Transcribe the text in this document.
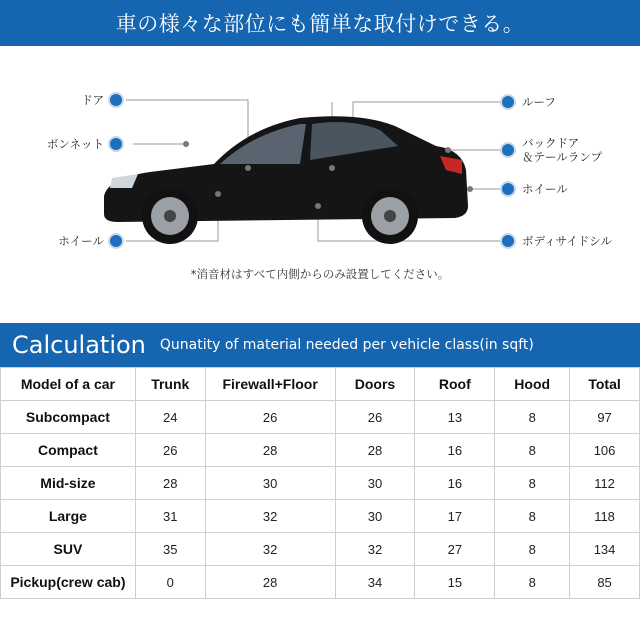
車の様々な部位にも簡単な取付けできる。
ドア
ボンネット
ホイール
ルーフ
バックドア
＆テールランプ
ホイール
ボディサイドシル
*消音材はすべて内側からのみ設置してください。
Calculation Qunatity of material needed per vehicle class(in sqft)
Model of a car	Trunk	Firewall+Floor	Doors	Roof	Hood	Total
Subcompact	24	26	26	13	8	97
Compact	26	28	28	16	8	106
Mid-size	28	30	30	16	8	112
Large	31	32	30	17	8	118
SUV	35	32	32	27	8	134
Pickup(crew cab)	0	28	34	15	8	85
